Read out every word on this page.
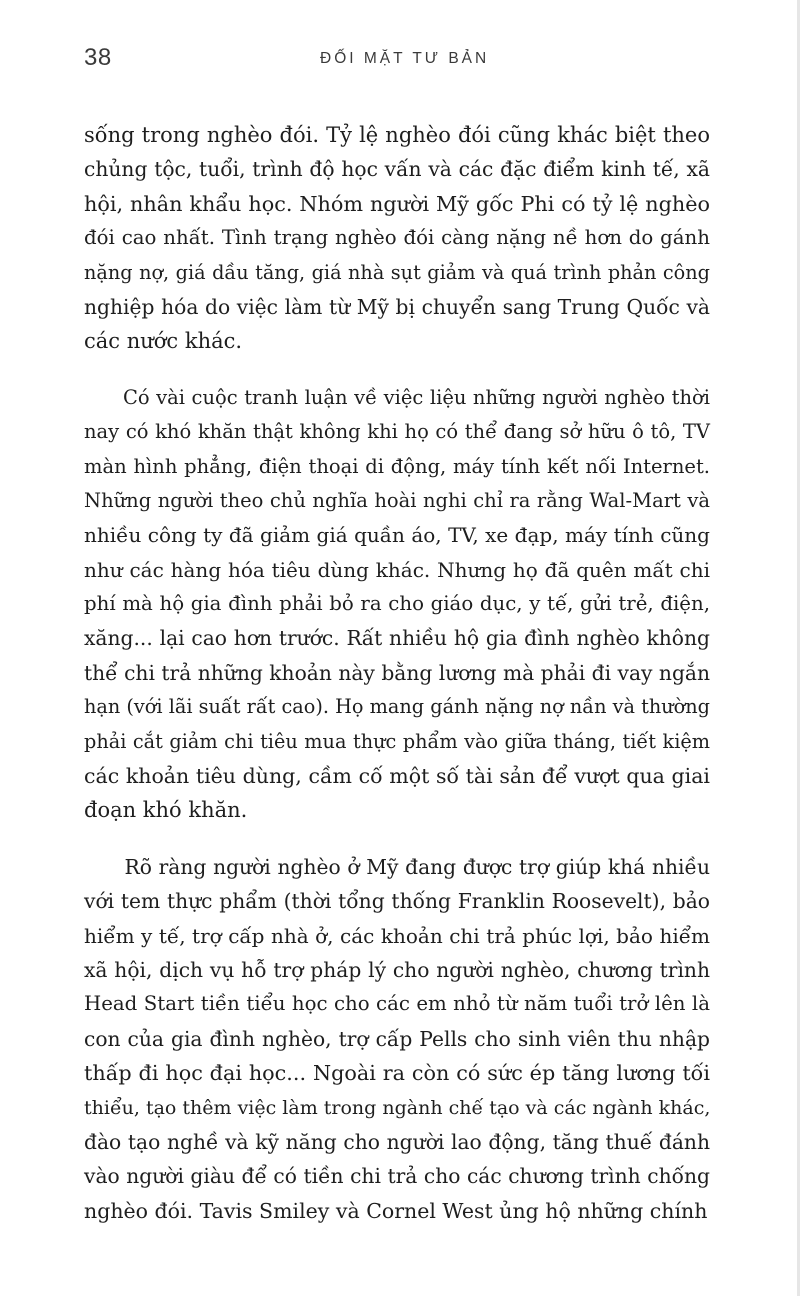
38	ĐỐI MẶT TƯ BẢN
sống trong nghèo đói. Tỷ lệ nghèo đói cũng khác biệt theo
chủng tộc, tuổi, trình độ học vấn và các đặc điểm kinh tế, xã
hội, nhân khẩu học. Nhóm người Mỹ gốc Phi có tỷ lệ nghèo
đói cao nhất. Tình trạng nghèo đói càng nặng nề hơn do gánh
nặng nợ, giá dầu tăng, giá nhà sụt giảm và quá trình phản công
nghiệp hóa do việc làm từ Mỹ bị chuyển sang Trung Quốc và
các nước khác.
  Có vài cuộc tranh luận về việc liệu những người nghèo thời
nay có khó khăn thật không khi họ có thể đang sở hữu ô tô, TV
màn hình phẳng, điện thoại di động, máy tính kết nối Internet.
Những người theo chủ nghĩa hoài nghi chỉ ra rằng Wal-Mart và
nhiều công ty đã giảm giá quần áo, TV, xe đạp, máy tính cũng
như các hàng hóa tiêu dùng khác. Nhưng họ đã quên mất chi
phí mà hộ gia đình phải bỏ ra cho giáo dục, y tế, gửi trẻ, điện,
xăng... lại cao hơn trước. Rất nhiều hộ gia đình nghèo không
thể chi trả những khoản này bằng lương mà phải đi vay ngắn
hạn (với lãi suất rất cao). Họ mang gánh nặng nợ nần và thường
phải cắt giảm chi tiêu mua thực phẩm vào giữa tháng, tiết kiệm
các khoản tiêu dùng, cầm cố một số tài sản để vượt qua giai
đoạn khó khăn.
  Rõ ràng người nghèo ở Mỹ đang được trợ giúp khá nhiều
với tem thực phẩm (thời tổng thống Franklin Roosevelt), bảo
hiểm y tế, trợ cấp nhà ở, các khoản chi trả phúc lợi, bảo hiểm
xã hội, dịch vụ hỗ trợ pháp lý cho người nghèo, chương trình
Head Start tiền tiểu học cho các em nhỏ từ năm tuổi trở lên là
con của gia đình nghèo, trợ cấp Pells cho sinh viên thu nhập
thấp đi học đại học... Ngoài ra còn có sức ép tăng lương tối
thiểu, tạo thêm việc làm trong ngành chế tạo và các ngành khác,
đào tạo nghề và kỹ năng cho người lao động, tăng thuế đánh
vào người giàu để có tiền chi trả cho các chương trình chống
nghèo đói. Tavis Smiley và Cornel West ủng hộ những chính
